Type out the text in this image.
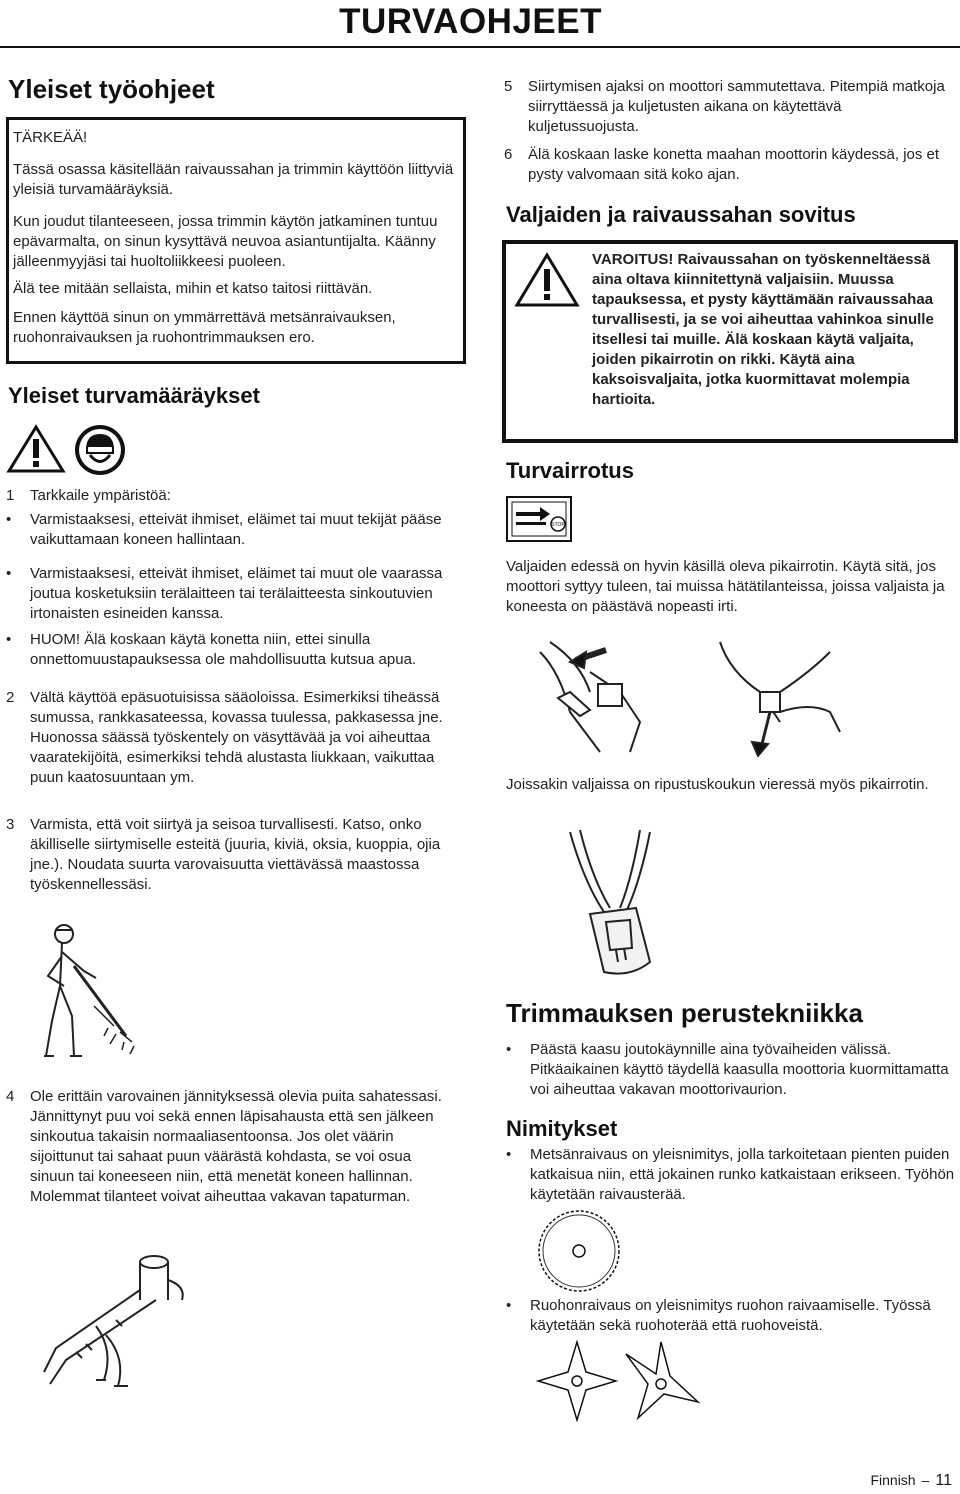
TURVAOHJEET
Yleiset työohjeet
TÄRKEÄÄ!
Tässä osassa käsitellään raivaussahan ja trimmin käyttöön liittyviä yleisiä turvamääräyksiä.
Kun joudut tilanteeseen, jossa trimmin käytön jatkaminen tuntuu epävarmalta, on sinun kysyttävä neuvoa asiantuntijalta. Käänny jälleenmyyjäsi tai huoltoliikkeesi puoleen.
Älä tee mitään sellaista, mihin et katso taitosi riittävän.
Ennen käyttöä sinun on ymmärrettävä metsänraivauksen, ruohonraivauksen ja ruohontrimmauksen ero.
Yleiset turvamääräykset
1	Tarkkaile ympäristöä:
•	Varmistaaksesi, etteivät ihmiset, eläimet tai muut tekijät pääse vaikuttamaan koneen hallintaan.
•	Varmistaaksesi, etteivät ihmiset, eläimet tai muut ole vaarassa joutua kosketuksiin terälaitteen tai terälaitteesta sinkoutuvien irtonaisten esineiden kanssa.
•	HUOM! Älä koskaan käytä konetta niin, ettei sinulla onnettomuustapauksessa ole mahdollisuutta kutsua apua.
2	Vältä käyttöä epäsuotuisissa sääoloissa. Esimerkiksi tiheässä sumussa, rankkasateessa, kovassa tuulessa, pakkasessa jne. Huonossa säässä työskentely on väsyttävää ja voi aiheuttaa vaaratekijöitä, esimerkiksi tehdä alustasta liukkaan, vaikuttaa puun kaatosuuntaan ym.
3	Varmista, että voit siirtyä ja seisoa turvallisesti. Katso, onko äkilliselle siirtymiselle esteitä (juuria, kiviä, oksia, kuoppia, ojia jne.). Noudata suurta varovaisuutta viettävässä maastossa työskennellessäsi.
4	Ole erittäin varovainen jännityksessä olevia puita sahatessasi. Jännittynyt puu voi sekä ennen läpisahausta että sen jälkeen sinkoutua takaisin normaaliasentoonsa. Jos olet väärin sijoittunut tai sahaat puun väärästä kohdasta, se voi osua sinuun tai koneeseen niin, että menetät koneen hallinnan. Molemmat tilanteet voivat aiheuttaa vakavan tapaturman.
5	Siirtymisen ajaksi on moottori sammutettava. Pitempiä matkoja siirryttäessä ja kuljetusten aikana on käytettävä kuljetussuojusta.
6	Älä koskaan laske konetta maahan moottorin käydessä, jos et pysty valvomaan sitä koko ajan.
Valjaiden ja raivaussahan sovitus
VAROITUS! Raivaussahan on työskenneltäessä aina oltava kiinnitettynä valjaisiin. Muussa tapauksessa, et pysty käyttämään raivaussahaa turvallisesti, ja se voi aiheuttaa vahinkoa sinulle itsellesi tai muille. Älä koskaan käytä valjaita, joiden pikairrotin on rikki. Käytä aina kaksoisvaljaita, jotka kuormittavat molempia hartioita.
Turvairrotus
STOP
Valjaiden edessä on hyvin käsillä oleva pikairrotin. Käytä sitä, jos moottori syttyy tuleen, tai muissa hätätilanteissa, joissa valjaista ja koneesta on päästävä nopeasti irti.
Joissakin valjaissa on ripustuskoukun vieressä myös pikairrotin.
Trimmauksen perustekniikka
•	Päästä kaasu joutokäynnille aina työvaiheiden välissä. Pitkäaikainen käyttö täydellä kaasulla moottoria kuormittamatta voi aiheuttaa vakavan moottorivaurion.
Nimitykset
•	Metsänraivaus on yleisnimitys, jolla tarkoitetaan pienten puiden katkaisua niin, että jokainen runko katkaistaan erikseen. Työhön käytetään raivausterää.
•	Ruohonraivaus on yleisnimitys ruohon raivaamiselle. Työssä käytetään sekä ruohoterää että ruohoveistä.
Finnish – 11
